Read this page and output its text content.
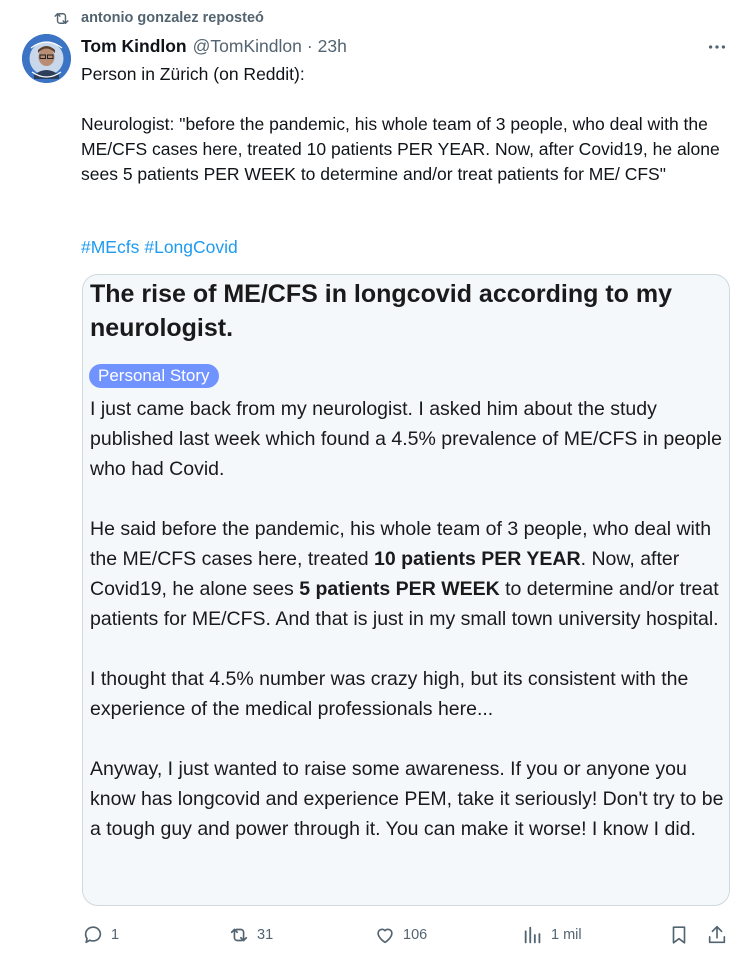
antonio gonzalez reposteó
Tom Kindlon @TomKindlon · 23h

Person in Zürich (on Reddit):

Neurologist: "before the pandemic, his whole team of 3 people, who deal with the ME/CFS cases here, treated 10 patients PER YEAR. Now, after Covid19, he alone sees 5 patients PER WEEK to determine and/or treat patients for ME/ CFS"

#MEcfs #LongCovid
The rise of ME/CFS in longcovid according to my neurologist.
Personal Story

I just came back from my neurologist. I asked him about the study published last week which found a 4.5% prevalence of ME/CFS in people who had Covid.

He said before the pandemic, his whole team of 3 people, who deal with the ME/CFS cases here, treated 10 patients PER YEAR. Now, after Covid19, he alone sees 5 patients PER WEEK to determine and/or treat patients for ME/CFS. And that is just in my small town university hospital.

I thought that 4.5% number was crazy high, but its consistent with the experience of the medical professionals here...

Anyway, I just wanted to raise some awareness. If you or anyone you know has longcovid and experience PEM, take it seriously! Don't try to be a tough guy and power through it. You can make it worse! I know I did.

1	31	106	1 mil
